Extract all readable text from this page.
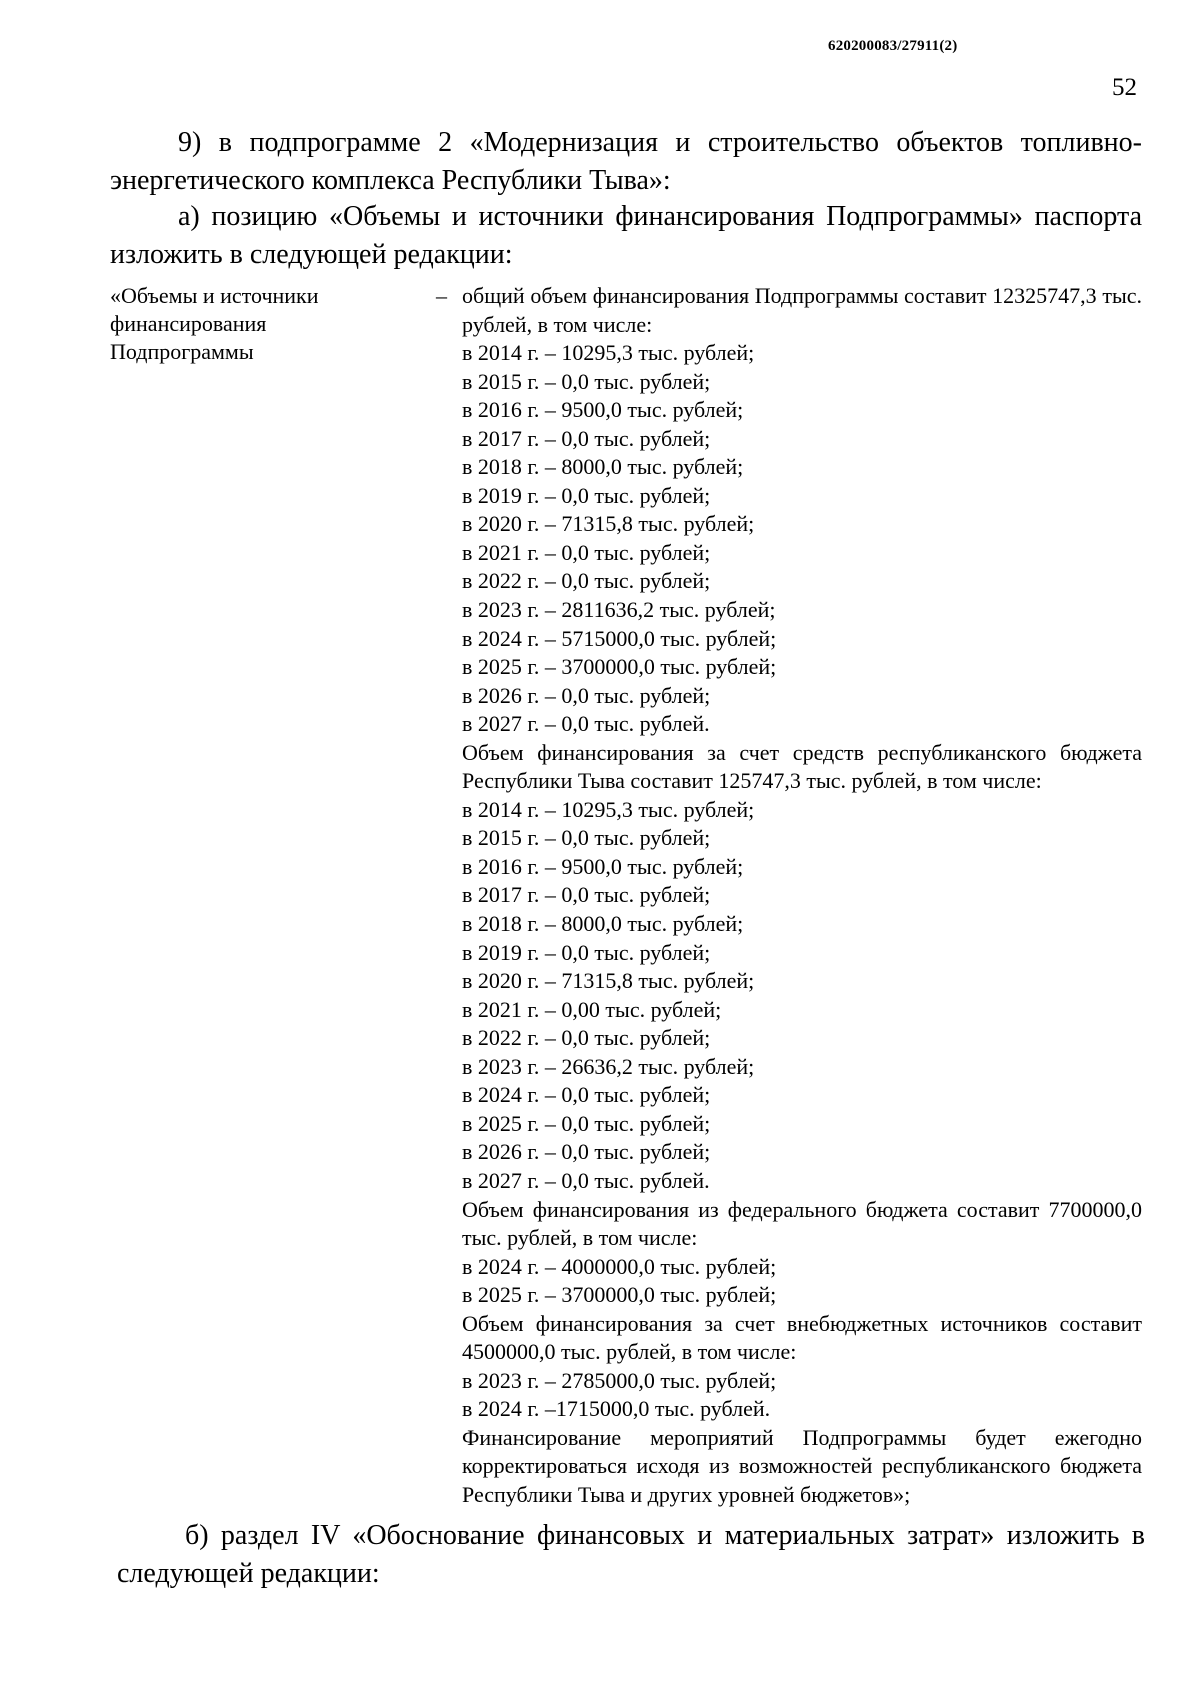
620200083/27911(2)
52
9) в подпрограмме 2 «Модернизация и строительство объектов топливно-энергетического комплекса Республики Тыва»:
а) позицию «Объемы и источники финансирования Подпрограммы» паспорта изложить в следующей редакции:
«Объемы и источники финансирования Подпрограммы
– общий объем финансирования Подпрограммы составит 12325747,3 тыс. рублей, в том числе:
в 2014 г. – 10295,3 тыс. рублей;
в 2015 г. – 0,0 тыс. рублей;
в 2016 г. – 9500,0 тыс. рублей;
в 2017 г. – 0,0 тыс. рублей;
в 2018 г. – 8000,0 тыс. рублей;
в 2019 г. – 0,0 тыс. рублей;
в 2020 г. – 71315,8 тыс. рублей;
в 2021 г. – 0,0 тыс. рублей;
в 2022 г. – 0,0 тыс. рублей;
в 2023 г. – 2811636,2 тыс. рублей;
в 2024 г. – 5715000,0 тыс. рублей;
в 2025 г. – 3700000,0 тыс. рублей;
в 2026 г. – 0,0 тыс. рублей;
в 2027 г. – 0,0 тыс. рублей.
Объем финансирования за счет средств республиканского бюджета Республики Тыва составит 125747,3 тыс. рублей, в том числе:
в 2014 г. – 10295,3 тыс. рублей;
в 2015 г. – 0,0 тыс. рублей;
в 2016 г. – 9500,0 тыс. рублей;
в 2017 г. – 0,0 тыс. рублей;
в 2018 г. – 8000,0 тыс. рублей;
в 2019 г. – 0,0 тыс. рублей;
в 2020 г. – 71315,8 тыс. рублей;
в 2021 г. – 0,00 тыс. рублей;
в 2022 г. – 0,0 тыс. рублей;
в 2023 г. – 26636,2 тыс. рублей;
в 2024 г. – 0,0 тыс. рублей;
в 2025 г. – 0,0 тыс. рублей;
в 2026 г. – 0,0 тыс. рублей;
в 2027 г. – 0,0 тыс. рублей.
Объем финансирования из федерального бюджета составит 7700000,0 тыс. рублей, в том числе:
в 2024 г. – 4000000,0 тыс. рублей;
в 2025 г. – 3700000,0 тыс. рублей;
Объем финансирования за счет внебюджетных источников составит 4500000,0 тыс. рублей, в том числе:
в 2023 г. – 2785000,0 тыс. рублей;
в 2024 г. –1715000,0 тыс. рублей.
Финансирование мероприятий Подпрограммы будет ежегодно корректироваться исходя из возможностей республиканского бюджета Республики Тыва и других уровней бюджетов»;
б) раздел IV «Обоснование финансовых и материальных затрат» изложить в следующей редакции:
